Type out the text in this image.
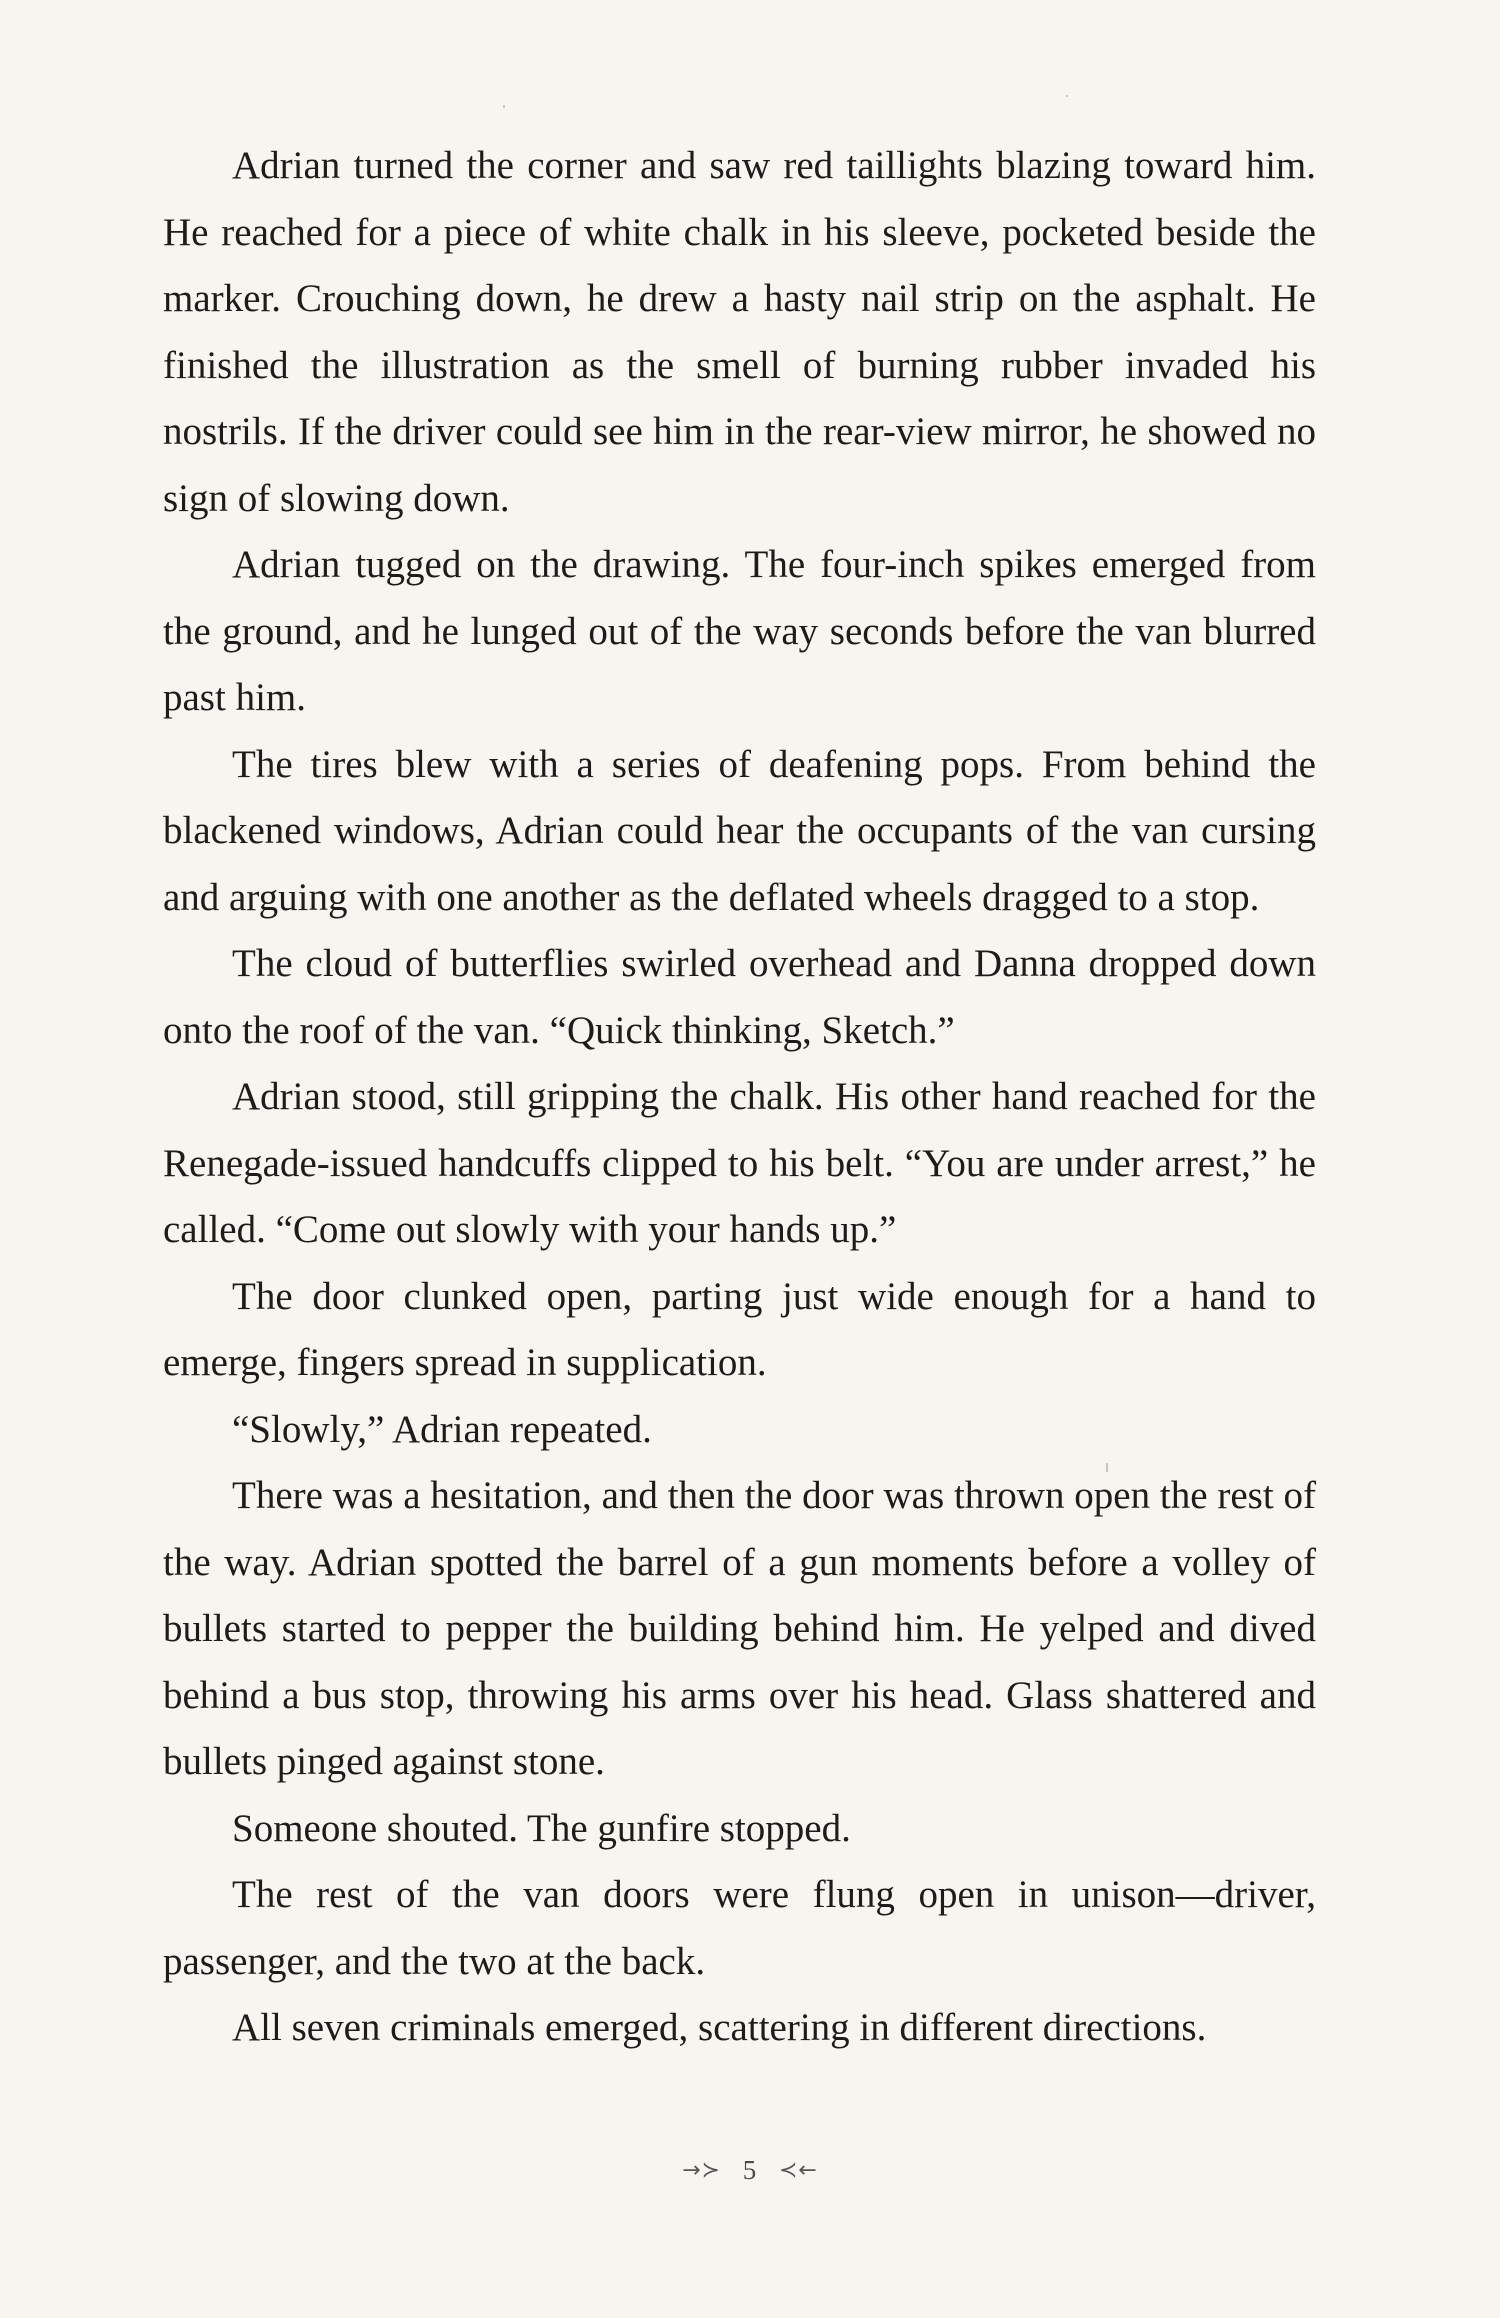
Adrian turned the corner and saw red taillights blazing toward him. He reached for a piece of white chalk in his sleeve, pocketed beside the marker. Crouching down, he drew a hasty nail strip on the asphalt. He finished the illustration as the smell of burning rubber invaded his nostrils. If the driver could see him in the rear-view mirror, he showed no sign of slowing down.

Adrian tugged on the drawing. The four-inch spikes emerged from the ground, and he lunged out of the way seconds before the van blurred past him.

The tires blew with a series of deafening pops. From behind the blackened windows, Adrian could hear the occupants of the van cursing and arguing with one another as the deflated wheels dragged to a stop.

The cloud of butterflies swirled overhead and Danna dropped down onto the roof of the van. “Quick thinking, Sketch.”

Adrian stood, still gripping the chalk. His other hand reached for the Renegade-issued handcuffs clipped to his belt. “You are under arrest,” he called. “Come out slowly with your hands up.”

The door clunked open, parting just wide enough for a hand to emerge, fingers spread in supplication.

“Slowly,” Adrian repeated.

There was a hesitation, and then the door was thrown open the rest of the way. Adrian spotted the barrel of a gun moments before a volley of bullets started to pepper the building behind him. He yelped and dived behind a bus stop, throwing his arms over his head. Glass shattered and bullets pinged against stone.

Someone shouted. The gunfire stopped.

The rest of the van doors were flung open in unison—driver, passenger, and the two at the back.

All seven criminals emerged, scattering in different directions.

→≻ 5 ≺←
